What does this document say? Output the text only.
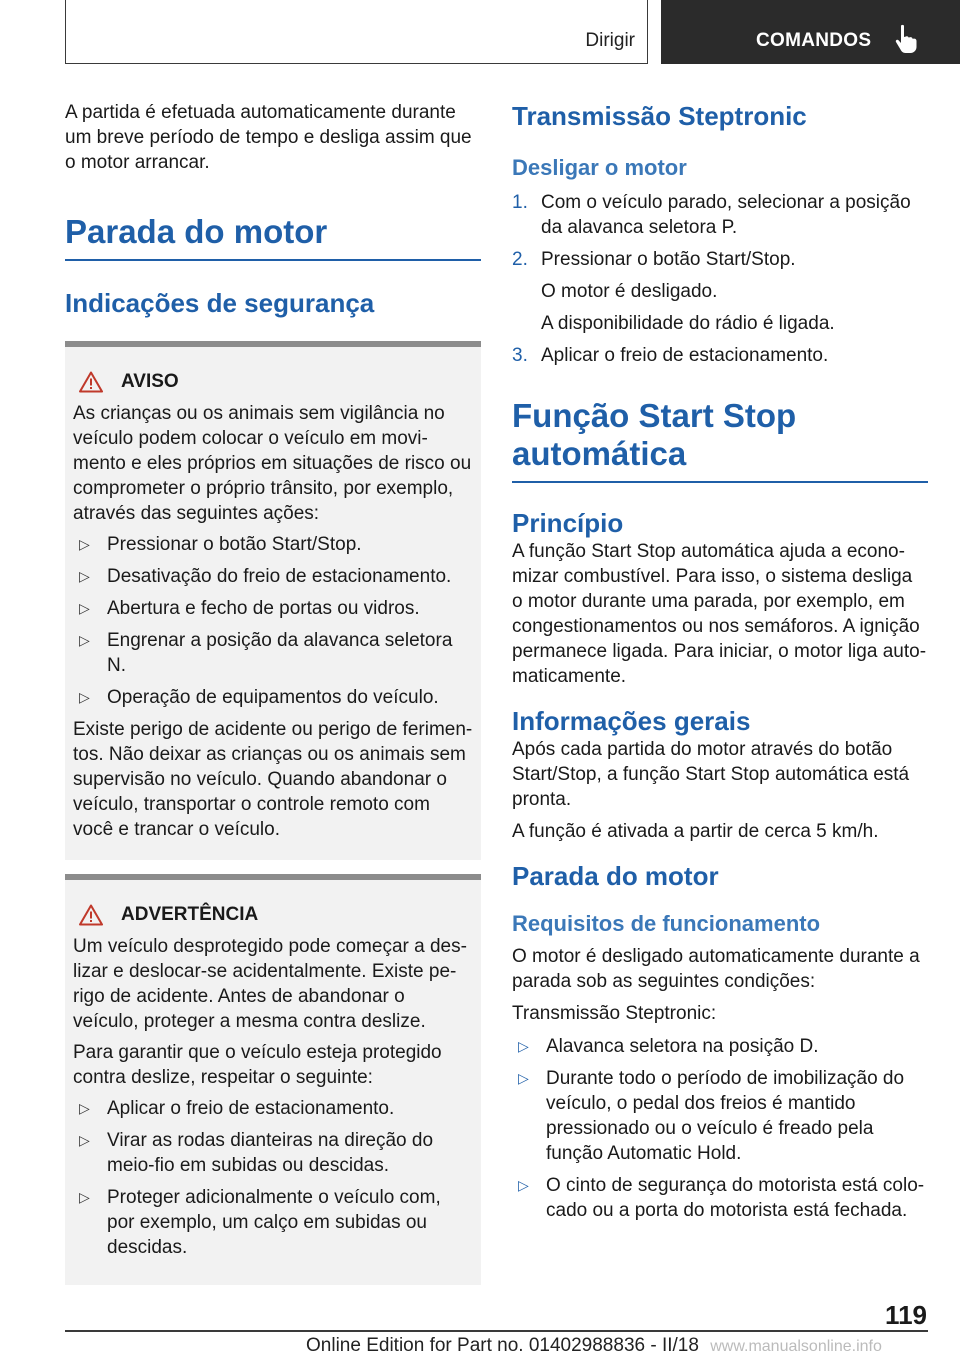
Dirigir	COMANDOS

A partida é efetuada automaticamente durante um breve período de tempo e desliga assim que o motor arrancar.

Parada do motor
Indicações de segurança
AVISO

As crianças ou os animais sem vigilância no veículo podem colocar o veículo em movimento e eles próprios em situações de risco ou comprometer o próprio trânsito, por exemplo, através das seguintes ações:

▷ Pressionar o botão Start/Stop.
▷ Desativação do freio de estacionamento.
▷ Abertura e fecho de portas ou vidros.
▷ Engrenar a posição da alavanca seletora N.
▷ Operação de equipamentos do veículo.

Existe perigo de acidente ou perigo de ferimentos. Não deixar as crianças ou os animais sem supervisão no veículo. Quando abandonar o veículo, transportar o controle remoto com você e trancar o veículo.

ADVERTÊNCIA

Um veículo desprotegido pode começar a deslizar e deslocar-se acidentalmente. Existe perigo de acidente. Antes de abandonar o veículo, proteger a mesma contra deslize.

Para garantir que o veículo esteja protegido contra deslize, respeitar o seguinte:

▷ Aplicar o freio de estacionamento.
▷ Virar as rodas dianteiras na direção do meio-fio em subidas ou descidas.
▷ Proteger adicionalmente o veículo com, por exemplo, um calço em subidas ou descidas.
Transmissão Steptronic
Desligar o motor
1. Com o veículo parado, selecionar a posição da alavanca seletora P.
2. Pressionar o botão Start/Stop.
O motor é desligado.
A disponibilidade do rádio é ligada.
3. Aplicar o freio de estacionamento.
Função Start Stop automática
Princípio

A função Start Stop automática ajuda a economizar combustível. Para isso, o sistema desliga o motor durante uma parada, por exemplo, em congestionamentos ou nos semáforos. A ignição permanece ligada. Para iniciar, o motor liga automaticamente.

Informações gerais

Após cada partida do motor através do botão Start/Stop, a função Start Stop automática está pronta.

A função é ativada a partir de cerca 5 km/h.

Parada do motor
Requisitos de funcionamento

O motor é desligado automaticamente durante a parada sob as seguintes condições:

Transmissão Steptronic:

▷ Alavanca seletora na posição D.
▷ Durante todo o período de imobilização do veículo, o pedal dos freios é mantido pressionado ou o veículo é freado pela função Automatic Hold.
▷ O cinto de segurança do motorista está colocado ou a porta do motorista está fechada.
119
Online Edition for Part no. 01402988836 - II/18 www.manualsonline.info
